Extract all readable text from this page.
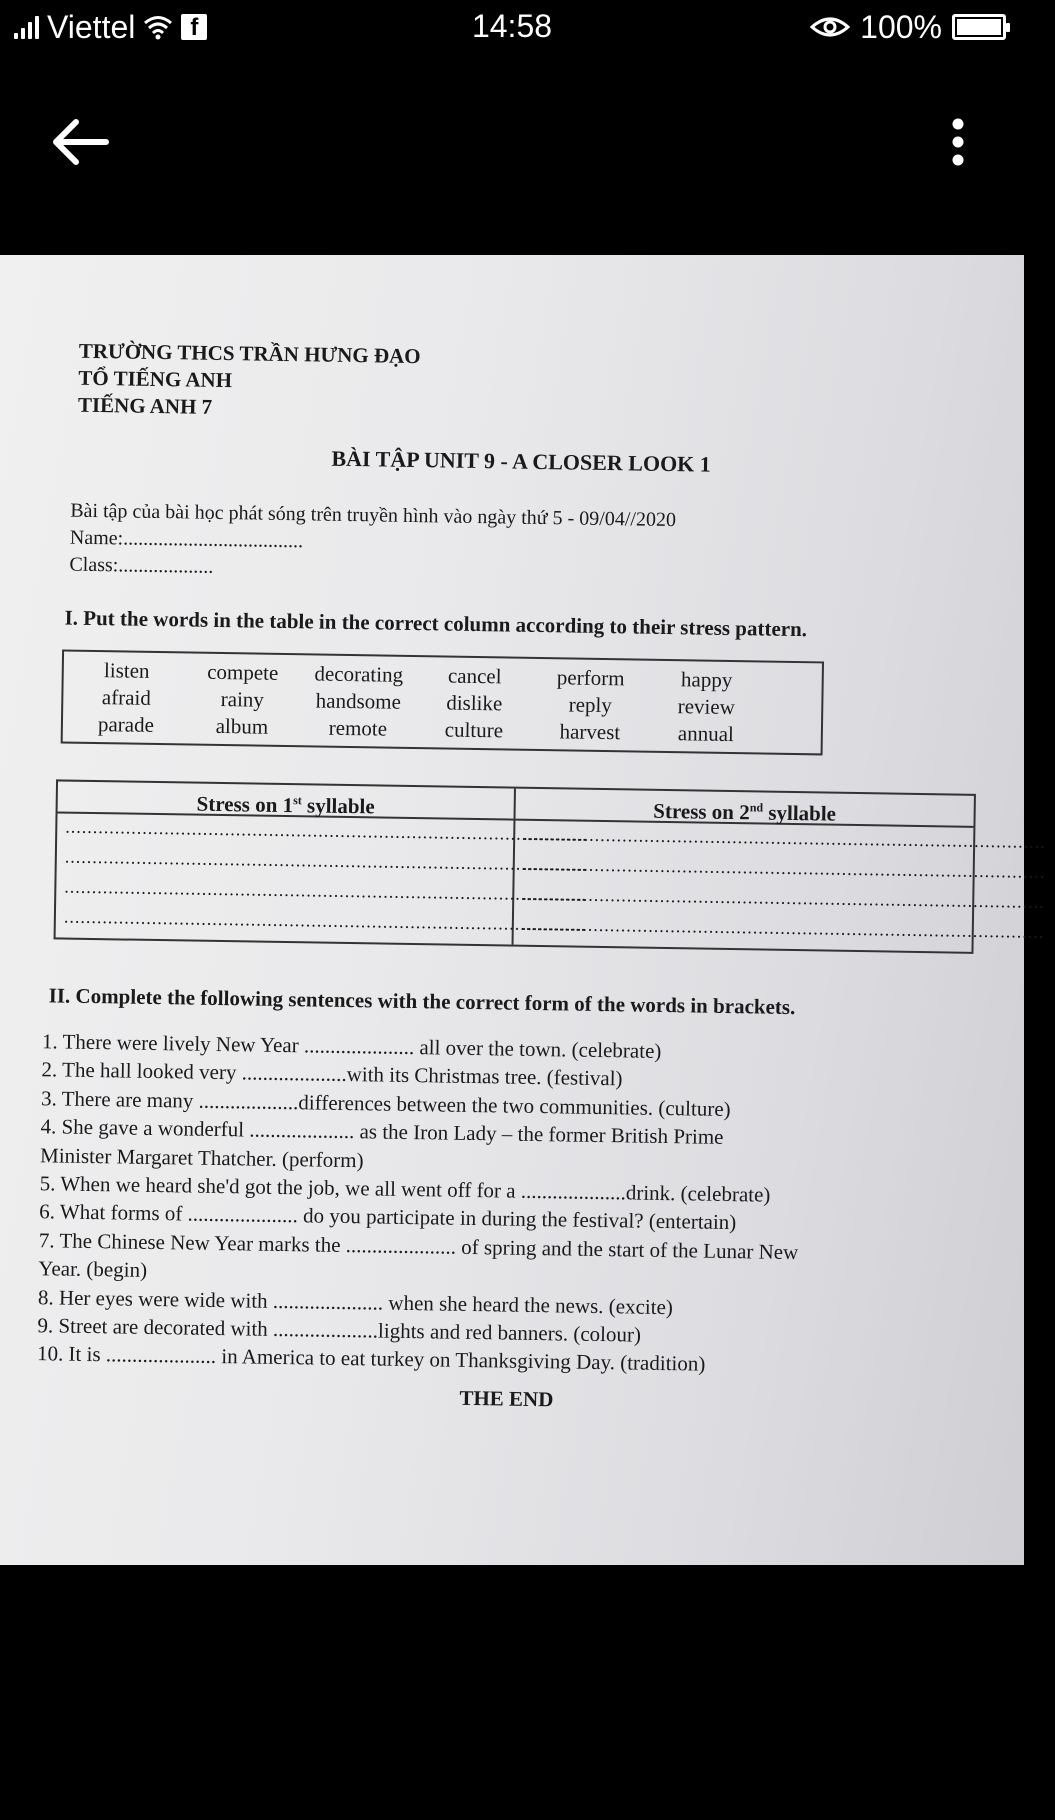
Viettel	f	14:58	100%
TRƯỜNG THCS TRẦN HƯNG ĐẠO
TỔ TIẾNG ANH
TIẾNG ANH 7
BÀI TẬP UNIT 9 - A CLOSER LOOK 1
Bài tập của bài học phát sóng trên truyền hình vào ngày thứ 5 - 09/04//2020
Name:....................................
Class:...................
I. Put the words in the table in the correct column according to their stress pattern.
listen	compete	decorating	cancel	perform	happy
afraid	rainy	handsome	dislike	reply	review
parade	album	remote	culture	harvest	annual
Stress on 1st syllable
...............................................................................................
...............................................................................................
...............................................................................................
...............................................................................................
Stress on 2nd syllable
...............................................................................................
...............................................................................................
...............................................................................................
...............................................................................................
II. Complete the following sentences with the correct form of the words in brackets.
1. There were lively New Year ..................... all over the town. (celebrate)
2. The hall looked very ....................with its Christmas tree. (festival)
3. There are many ...................differences between the two communities. (culture)
4. She gave a wonderful .................... as the Iron Lady – the former British Prime
Minister Margaret Thatcher. (perform)
5. When we heard she'd got the job, we all went off for a ....................drink. (celebrate)
6. What forms of ..................... do you participate in during the festival? (entertain)
7. The Chinese New Year marks the ..................... of spring and the start of the Lunar New
Year. (begin)
8. Her eyes were wide with ..................... when she heard the news. (excite)
9. Street are decorated with ....................lights and red banners. (colour)
10. It is ..................... in America to eat turkey on Thanksgiving Day. (tradition)
THE END
